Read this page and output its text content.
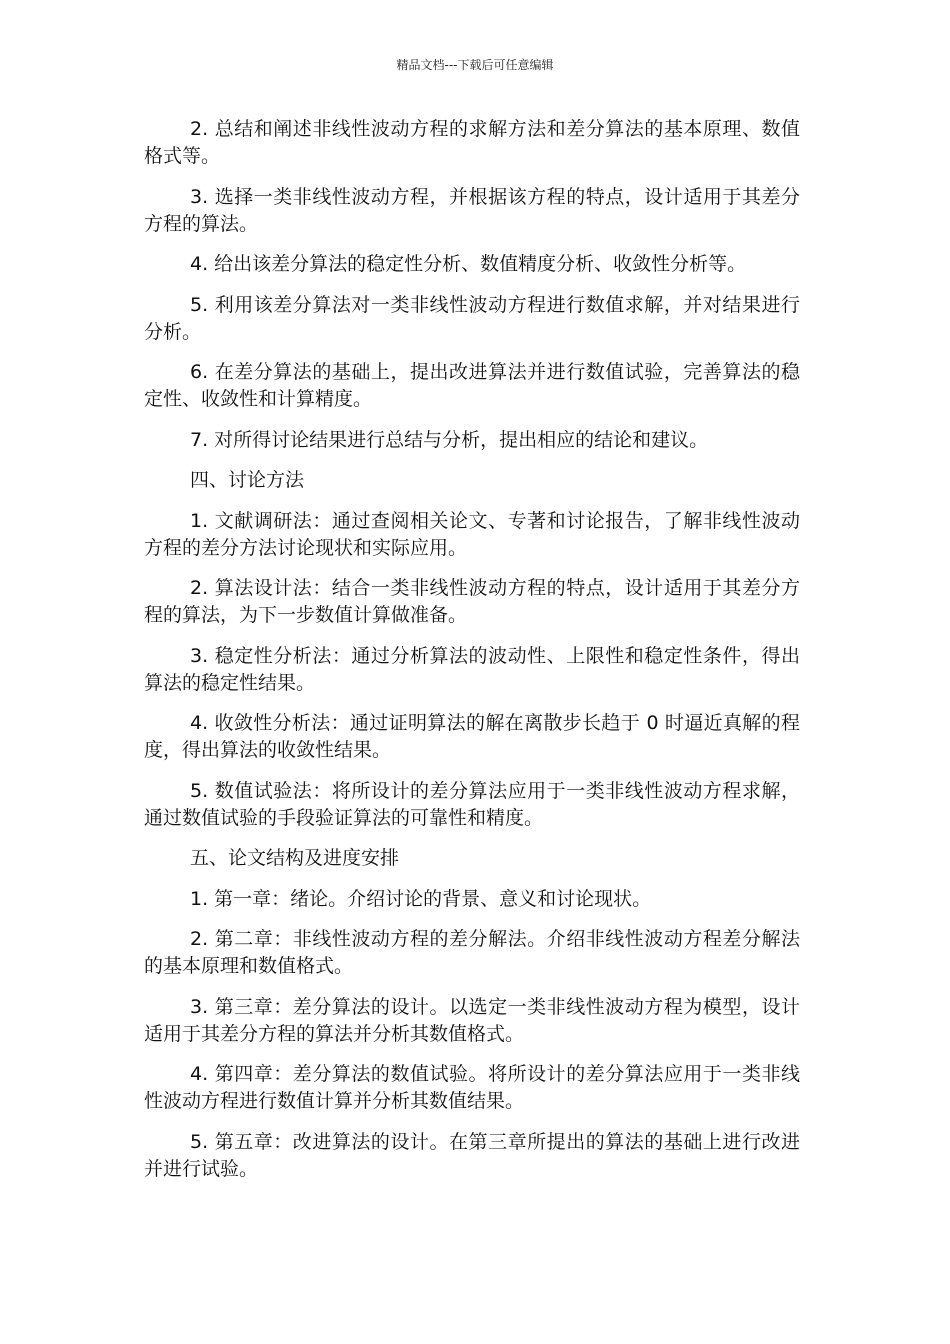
精品文档---下载后可任意编辑

2. 总结和阐述非线性波动方程的求解方法和差分算法的基本原理、数值格式等。

3. 选择一类非线性波动方程，并根据该方程的特点，设计适用于其差分方程的算法。

4. 给出该差分算法的稳定性分析、数值精度分析、收敛性分析等。

5. 利用该差分算法对一类非线性波动方程进行数值求解，并对结果进行分析。

6. 在差分算法的基础上，提出改进算法并进行数值试验，完善算法的稳定性、收敛性和计算精度。

7. 对所得讨论结果进行总结与分析，提出相应的结论和建议。

四、讨论方法

1. 文献调研法：通过查阅相关论文、专著和讨论报告，了解非线性波动方程的差分方法讨论现状和实际应用。

2. 算法设计法：结合一类非线性波动方程的特点，设计适用于其差分方程的算法，为下一步数值计算做准备。

3. 稳定性分析法：通过分析算法的波动性、上限性和稳定性条件，得出算法的稳定性结果。

4. 收敛性分析法：通过证明算法的解在离散步长趋于 0 时逼近真解的程度，得出算法的收敛性结果。

5. 数值试验法：将所设计的差分算法应用于一类非线性波动方程求解，通过数值试验的手段验证算法的可靠性和精度。

五、论文结构及进度安排

1. 第一章：绪论。介绍讨论的背景、意义和讨论现状。

2. 第二章：非线性波动方程的差分解法。介绍非线性波动方程差分解法的基本原理和数值格式。

3. 第三章：差分算法的设计。以选定一类非线性波动方程为模型，设计适用于其差分方程的算法并分析其数值格式。

4. 第四章：差分算法的数值试验。将所设计的差分算法应用于一类非线性波动方程进行数值计算并分析其数值结果。

5. 第五章：改进算法的设计。在第三章所提出的算法的基础上进行改进并进行试验。
